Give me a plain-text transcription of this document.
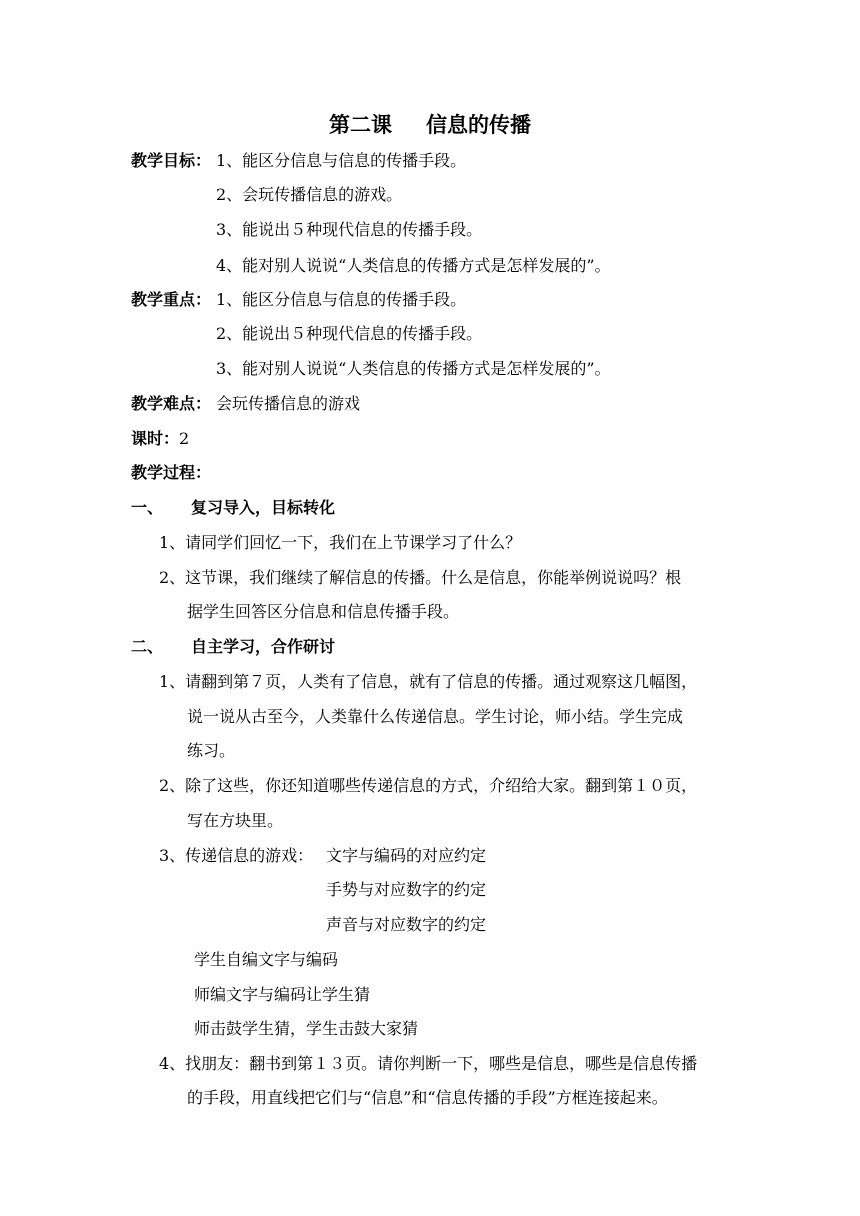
第二课 信息的传播
教学目标： 1、能区分信息与信息的传播手段。
2、会玩传播信息的游戏。
3、能说出５种现代信息的传播手段。
4、能对别人说说“人类信息的传播方式是怎样发展的”。
教学重点： 1、能区分信息与信息的传播手段。
2、能说出５种现代信息的传播手段。
3、能对别人说说“人类信息的传播方式是怎样发展的”。
教学难点： 会玩传播信息的游戏
课时：2
教学过程：
一、 复习导入，目标转化
1、请同学们回忆一下，我们在上节课学习了什么？
2、这节课，我们继续了解信息的传播。什么是信息，你能举例说说吗？根
据学生回答区分信息和信息传播手段。
二、 自主学习，合作研讨
1、请翻到第７页，人类有了信息，就有了信息的传播。通过观察这几幅图，
说一说从古至今，人类靠什么传递信息。学生讨论，师小结。学生完成
练习。
2、除了这些，你还知道哪些传递信息的方式，介绍给大家。翻到第１０页，
写在方块里。
3、传递信息的游戏： 文字与编码的对应约定
手势与对应数字的约定
声音与对应数字的约定
学生自编文字与编码
师编文字与编码让学生猜
师击鼓学生猜，学生击鼓大家猜
4、找朋友：翻书到第１３页。请你判断一下，哪些是信息，哪些是信息传播
的手段，用直线把它们与“信息”和“信息传播的手段”方框连接起来。
